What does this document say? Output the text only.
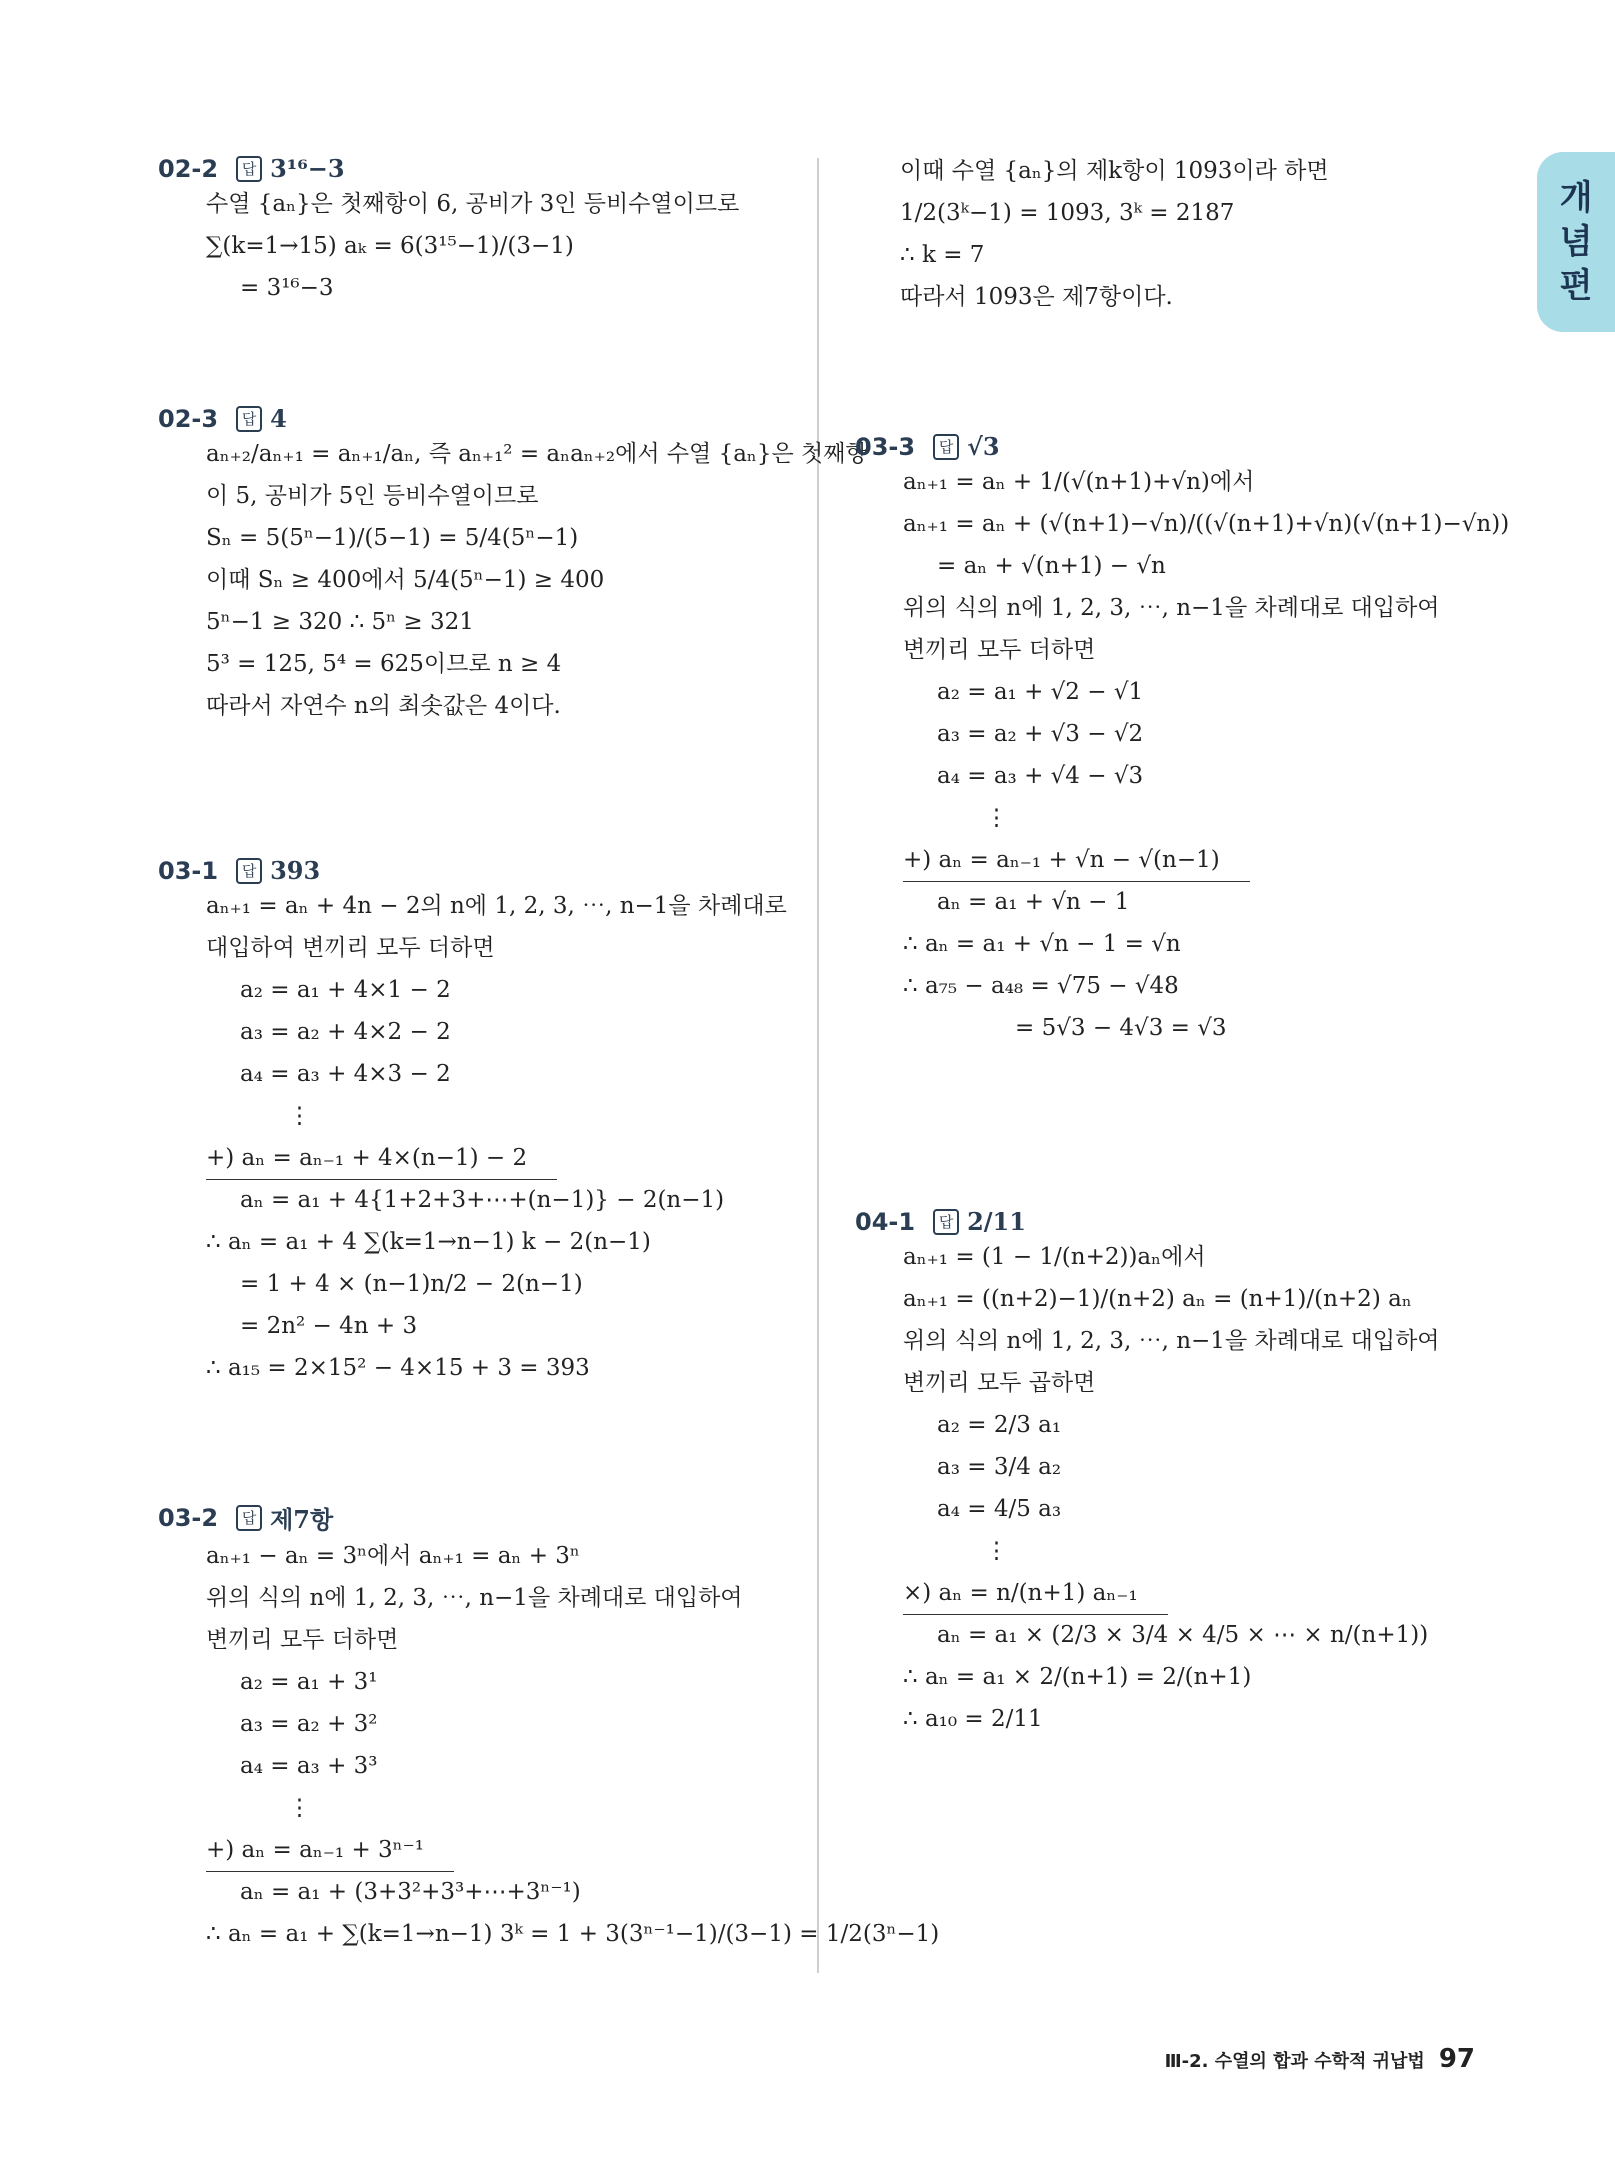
개
념
편
02-2	답 3¹⁶−3
수열 {aₙ}은 첫째항이 6, 공비가 3인 등비수열이므로
∑(k=1→15) aₖ = 6(3¹⁵−1)/(3−1)
= 3¹⁶−3
02-3	답 4
aₙ₊₂/aₙ₊₁ = aₙ₊₁/aₙ, 즉 aₙ₊₁² = aₙaₙ₊₂에서 수열 {aₙ}은 첫째항
이 5, 공비가 5인 등비수열이므로
Sₙ = 5(5ⁿ−1)/(5−1) = 5/4(5ⁿ−1)
이때 Sₙ ≥ 400에서 5/4(5ⁿ−1) ≥ 400
5ⁿ−1 ≥ 320 ∴ 5ⁿ ≥ 321
5³ = 125, 5⁴ = 625이므로 n ≥ 4
따라서 자연수 n의 최솟값은 4이다.
03-1	답 393
aₙ₊₁ = aₙ + 4n − 2의 n에 1, 2, 3, ⋯, n−1을 차례대로
대입하여 변끼리 모두 더하면
a₂ = a₁ + 4×1 − 2
a₃ = a₂ + 4×2 − 2
a₄ = a₃ + 4×3 − 2
⋮
+) aₙ = aₙ₋₁ + 4×(n−1) − 2
aₙ = a₁ + 4{1+2+3+⋯+(n−1)} − 2(n−1)
∴ aₙ = a₁ + 4 ∑(k=1→n−1) k − 2(n−1)
= 1 + 4 × (n−1)n/2 − 2(n−1)
= 2n² − 4n + 3
∴ a₁₅ = 2×15² − 4×15 + 3 = 393
03-2	답 제7항
aₙ₊₁ − aₙ = 3ⁿ에서 aₙ₊₁ = aₙ + 3ⁿ
위의 식의 n에 1, 2, 3, ⋯, n−1을 차례대로 대입하여
변끼리 모두 더하면
a₂ = a₁ + 3¹
a₃ = a₂ + 3²
a₄ = a₃ + 3³
⋮
+) aₙ = aₙ₋₁ + 3ⁿ⁻¹
aₙ = a₁ + (3+3²+3³+⋯+3ⁿ⁻¹)
∴ aₙ = a₁ + ∑(k=1→n−1) 3ᵏ = 1 + 3(3ⁿ⁻¹−1)/(3−1) = 1/2(3ⁿ−1)
이때 수열 {aₙ}의 제k항이 1093이라 하면
1/2(3ᵏ−1) = 1093, 3ᵏ = 2187
∴ k = 7
따라서 1093은 제7항이다.
03-3	답 √3
aₙ₊₁ = aₙ + 1/(√(n+1)+√n)에서
aₙ₊₁ = aₙ + (√(n+1)−√n)/((√(n+1)+√n)(√(n+1)−√n))
= aₙ + √(n+1) − √n
위의 식의 n에 1, 2, 3, ⋯, n−1을 차례대로 대입하여
변끼리 모두 더하면
a₂ = a₁ + √2 − √1
a₃ = a₂ + √3 − √2
a₄ = a₃ + √4 − √3
⋮
+) aₙ = aₙ₋₁ + √n − √(n−1)
aₙ = a₁ + √n − 1
∴ aₙ = a₁ + √n − 1 = √n
∴ a₇₅ − a₄₈ = √75 − √48
= 5√3 − 4√3 = √3
04-1	답 2/11
aₙ₊₁ = (1 − 1/(n+2))aₙ에서
aₙ₊₁ = ((n+2)−1)/(n+2) aₙ = (n+1)/(n+2) aₙ
위의 식의 n에 1, 2, 3, ⋯, n−1을 차례대로 대입하여
변끼리 모두 곱하면
a₂ = 2/3 a₁
a₃ = 3/4 a₂
a₄ = 4/5 a₃
⋮
×) aₙ = n/(n+1) aₙ₋₁
aₙ = a₁ × (2/3 × 3/4 × 4/5 × ⋯ × n/(n+1))
∴ aₙ = a₁ × 2/(n+1) = 2/(n+1)
∴ a₁₀ = 2/11
Ⅲ-2. 수열의 합과 수학적 귀납법 97
